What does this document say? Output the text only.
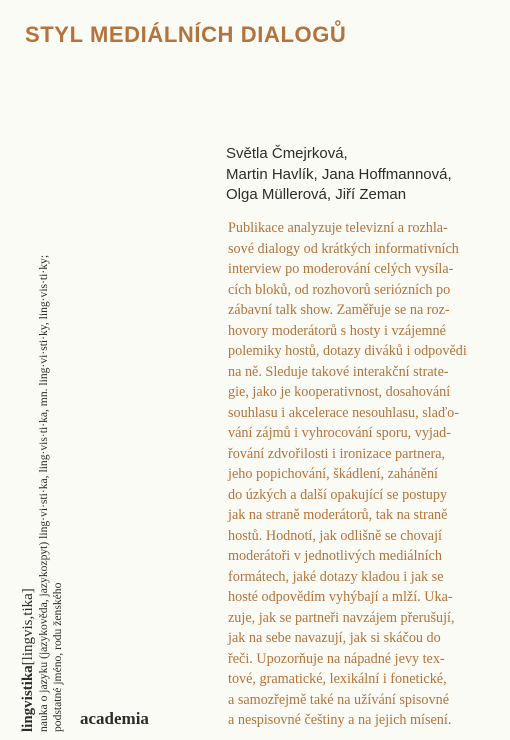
STYL MEDIÁLNÍCH DIALOGŮ
Světla Čmejrková,
Martin Havlík, Jana Hoffmannová,
Olga Müllerová, Jiří Zeman
Publikace analyzuje televizní a rozhla-
sové dialogy od krátkých informativních
interview po moderování celých vysíla-
cích bloků, od rozhovorů seriózních po
zábavní talk show. Zaměřuje se na roz-
hovory moderátorů s hosty i vzájemné
polemiky hostů, dotazy diváků i odpovědi
na ně. Sleduje takové interakční strate-
gie, jako je kooperativnost, dosahování
souhlasu i akcelerace nesouhlasu, slaďo-
vání zájmů i vyhrocování sporu, vyjad-
řování zdvořilosti i ironizace partnera,
jeho popichování, škádlení, zahánění
do úzkých a další opakující se postupy
jak na straně moderátorů, tak na straně
hostů. Hodnotí, jak odlišně se chovají
moderátoři v jednotlivých mediálních
formátech, jaké dotazy kladou i jak se
hosté odpovědím vyhýbají a mlží. Uka-
zuje, jak se partneři navzájem přerušují,
jak na sebe navazují, jak si skáčou do
řeči. Upozorňuje na nápadné jevy tex-
tové, gramatické, lexikální i fonetické,
a samozřejmě také na užívání spisovné
a nespisovné češtiny a na jejich mísení.
lingvistika[lingvis,tika] nauka o jazyku (jazykověda, jazykozpyt) ling·vi·sti·ka, ling·vis·ti·ka, mn. ling·vi·sti·ky, ling·vis·ti·ky; podstatné jméno, rodu ženského academia
